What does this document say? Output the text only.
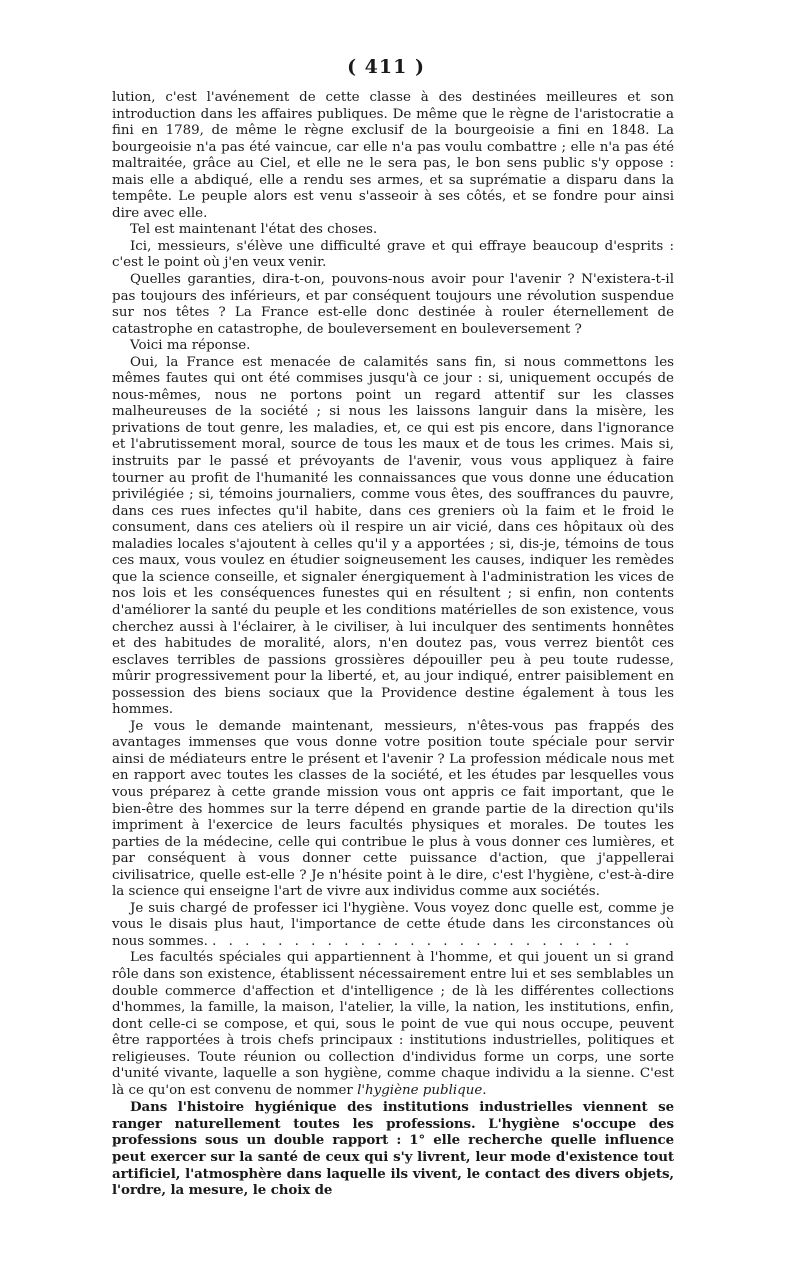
( 411 )

lution, c'est l'avénement de cette classe à des destinées meilleures et son introduction dans les affaires publiques. De même que le règne de l'aristocratie a fini en 1789, de même le règne exclusif de la bourgeoisie a fini en 1848. La bourgeoisie n'a pas été vaincue, car elle n'a pas voulu combattre ; elle n'a pas été maltraitée, grâce au Ciel, et elle ne le sera pas, le bon sens public s'y oppose : mais elle a abdiqué, elle a rendu ses armes, et sa suprématie a disparu dans la tempête. Le peuple alors est venu s'asseoir à ses côtés, et se fondre pour ainsi dire avec elle.

Tel est maintenant l'état des choses.

Ici, messieurs, s'élève une difficulté grave et qui effraye beaucoup d'esprits : c'est le point où j'en veux venir.

Quelles garanties, dira-t-on, pouvons-nous avoir pour l'avenir ? N'existera-t-il pas toujours des inférieurs, et par conséquent toujours une révolution suspendue sur nos têtes ? La France est-elle donc destinée à rouler éternellement de catastrophe en catastrophe, de bouleversement en bouleversement ?

Voici ma réponse.

Oui, la France est menacée de calamités sans fin, si nous commettons les mêmes fautes qui ont été commises jusqu'à ce jour : si, uniquement occupés de nous-mêmes, nous ne portons point un regard attentif sur les classes malheureuses de la société ; si nous les laissons languir dans la misère, les privations de tout genre, les maladies, et, ce qui est pis encore, dans l'ignorance et l'abrutissement moral, source de tous les maux et de tous les crimes. Mais si, instruits par le passé et prévoyants de l'avenir, vous vous appliquez à faire tourner au profit de l'humanité les connaissances que vous donne une éducation privilégiée ; si, témoins journaliers, comme vous êtes, des souffrances du pauvre, dans ces rues infectes qu'il habite, dans ces greniers où la faim et le froid le consument, dans ces ateliers où il respire un air vicié, dans ces hôpitaux où des maladies locales s'ajoutent à celles qu'il y a apportées ; si, dis-je, témoins de tous ces maux, vous voulez en étudier soigneusement les causes, indiquer les remèdes que la science conseille, et signaler énergiquement à l'administration les vices de nos lois et les conséquences funestes qui en résultent ; si enfin, non contents d'améliorer la santé du peuple et les conditions matérielles de son existence, vous cherchez aussi à l'éclairer, à le civiliser, à lui inculquer des sentiments honnêtes et des habitudes de moralité, alors, n'en doutez pas, vous verrez bientôt ces esclaves terribles de passions grossières dépouiller peu à peu toute rudesse, mûrir progressivement pour la liberté, et, au jour indiqué, entrer paisiblement en possession des biens sociaux que la Providence destine également à tous les hommes.

Je vous le demande maintenant, messieurs, n'êtes-vous pas frappés des avantages immenses que vous donne votre position toute spéciale pour servir ainsi de médiateurs entre le présent et l'avenir ? La profession médicale nous met en rapport avec toutes les classes de la société, et les études par lesquelles vous vous préparez à cette grande mission vous ont appris ce fait important, que le bien-être des hommes sur la terre dépend en grande partie de la direction qu'ils impriment à l'exercice de leurs facultés physiques et morales. De toutes les parties de la médecine, celle qui contribue le plus à vous donner ces lumières, et par conséquent à vous donner cette puissance d'action, que j'appellerai civilisatrice, quelle est-elle ? Je n'hésite point à le dire, c'est l'hygiène, c'est-à-dire la science qui enseigne l'art de vivre aux individus comme aux sociétés.

Je suis chargé de professer ici l'hygiène. Vous voyez donc quelle est, comme je vous le disais plus haut, l'importance de cette étude dans les circonstances où nous sommes. . . . . . . . . . . . . . . . . . . . . . . . . . .

Les facultés spéciales qui appartiennent à l'homme, et qui jouent un si grand rôle dans son existence, établissent nécessairement entre lui et ses semblables un double commerce d'affection et d'intelligence ; de là les différentes collections d'hommes, la famille, la maison, l'atelier, la ville, la nation, les institutions, enfin, dont celle-ci se compose, et qui, sous le point de vue qui nous occupe, peuvent être rapportées à trois chefs principaux : institutions industrielles, politiques et religieuses. Toute réunion ou collection d'individus forme un corps, une sorte d'unité vivante, laquelle a son hygiène, comme chaque individu a la sienne. C'est là ce qu'on est convenu de nommer l'hygiène publique.

Dans l'histoire hygiénique des institutions industrielles viennent se ranger naturellement toutes les professions. L'hygiène s'occupe des professions sous un double rapport : 1° elle recherche quelle influence peut exercer sur la santé de ceux qui s'y livrent, leur mode d'existence tout artificiel, l'atmosphère dans laquelle ils vivent, le contact des divers objets, l'ordre, la mesure, le choix de
